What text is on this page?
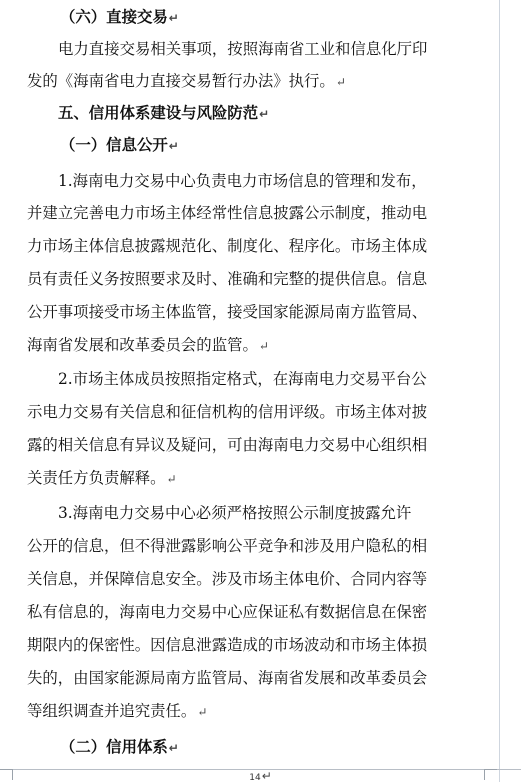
（六）直接交易↵
电力直接交易相关事项，按照海南省工业和信息化厅印
发的《海南省电力直接交易暂行办法》执行。↵
五、信用体系建设与风险防范↵
（一）信息公开↵
1.海南电力交易中心负责电力市场信息的管理和发布，
并建立完善电力市场主体经常性信息披露公示制度，推动电
力市场主体信息披露规范化、制度化、程序化。市场主体成
员有责任义务按照要求及时、准确和完整的提供信息。信息
公开事项接受市场主体监管，接受国家能源局南方监管局、
海南省发展和改革委员会的监管。↵
2.市场主体成员按照指定格式，在海南电力交易平台公
示电力交易有关信息和征信机构的信用评级。市场主体对披
露的相关信息有异议及疑问，可由海南电力交易中心组织相
关责任方负责解释。↵
3.海南电力交易中心必须严格按照公示制度披露允许
公开的信息，但不得泄露影响公平竞争和涉及用户隐私的相
关信息，并保障信息安全。涉及市场主体电价、合同内容等
私有信息的，海南电力交易中心应保证私有数据信息在保密
期限内的保密性。因信息泄露造成的市场波动和市场主体损
失的，由国家能源局南方监管局、海南省发展和改革委员会
等组织调查并追究责任。↵
（二）信用体系↵
14↵
